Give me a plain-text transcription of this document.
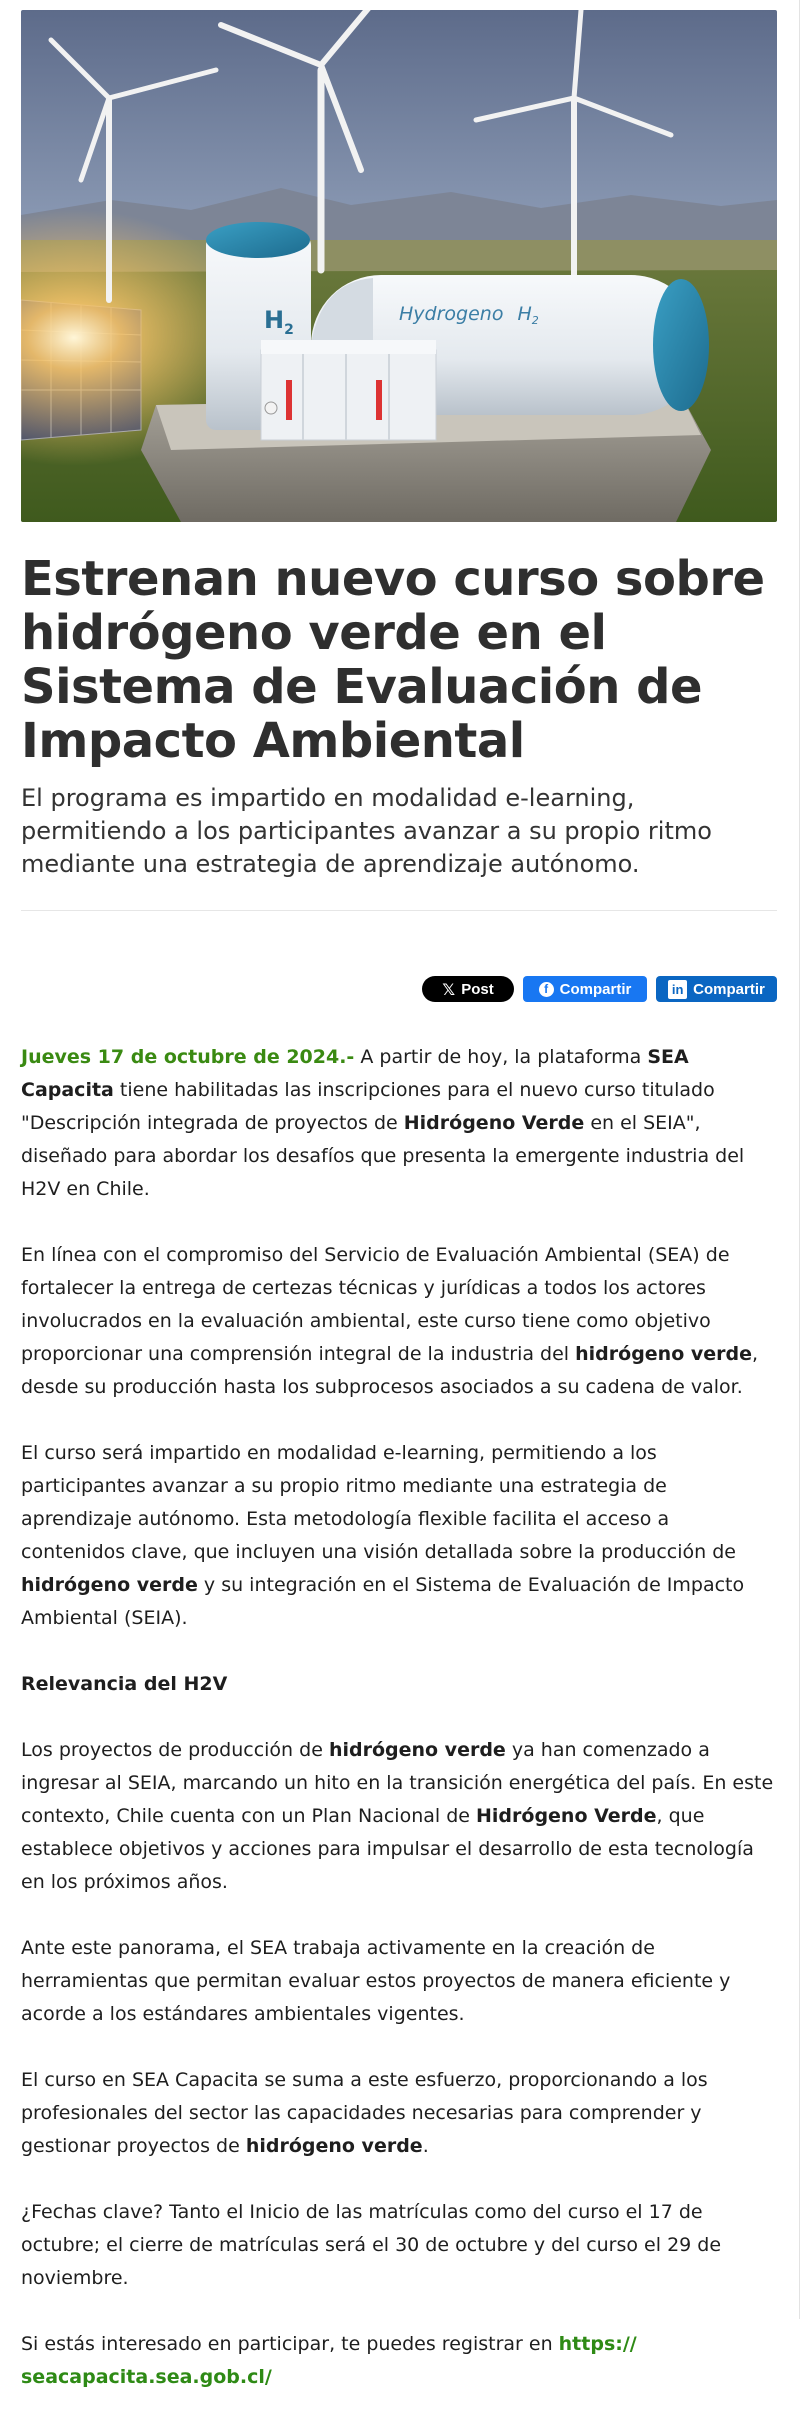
$H_2$
Hydrogeno $H_2$
Estrenan nuevo curso sobre hidrógeno verde en el Sistema de Evaluación de Impacto Ambiental

El programa es impartido en modalidad e-learning, permitiendo a los participantes avanzar a su propio ritmo mediante una estrategia de aprendizaje autónomo.

𝕏 Post	f Compartir	in Compartir

Jueves 17 de octubre de 2024.- A partir de hoy, la plataforma SEA Capacita tiene habilitadas las inscripciones para el nuevo curso titulado "Descripción integrada de proyectos de Hidrógeno Verde en el SEIA", diseñado para abordar los desafíos que presenta la emergente industria del H2V en Chile.

En línea con el compromiso del Servicio de Evaluación Ambiental (SEA) de fortalecer la entrega de certezas técnicas y jurídicas a todos los actores involucrados en la evaluación ambiental, este curso tiene como objetivo proporcionar una comprensión integral de la industria del hidrógeno verde, desde su producción hasta los subprocesos asociados a su cadena de valor.

El curso será impartido en modalidad e-learning, permitiendo a los participantes avanzar a su propio ritmo mediante una estrategia de aprendizaje autónomo. Esta metodología flexible facilita el acceso a contenidos clave, que incluyen una visión detallada sobre la producción de hidrógeno verde y su integración en el Sistema de Evaluación de Impacto Ambiental (SEIA).

Relevancia del H2V

Los proyectos de producción de hidrógeno verde ya han comenzado a ingresar al SEIA, marcando un hito en la transición energética del país. En este contexto, Chile cuenta con un Plan Nacional de Hidrógeno Verde, que establece objetivos y acciones para impulsar el desarrollo de esta tecnología en los próximos años.

Ante este panorama, el SEA trabaja activamente en la creación de herramientas que permitan evaluar estos proyectos de manera eficiente y acorde a los estándares ambientales vigentes.

El curso en SEA Capacita se suma a este esfuerzo, proporcionando a los profesionales del sector las capacidades necesarias para comprender y gestionar proyectos de hidrógeno verde.

¿Fechas clave? Tanto el Inicio de las matrículas como del curso el 17 de octubre; el cierre de matrículas será el 30 de octubre y del curso el 29 de noviembre.

Si estás interesado en participar, te puedes registrar en https:// seacapacita.sea.gob.cl/
